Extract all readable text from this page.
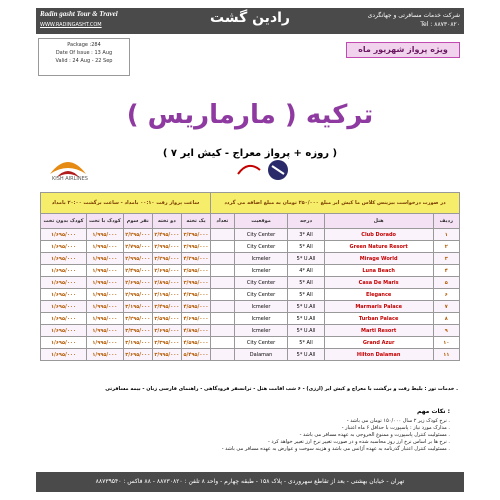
Radin gasht Tour & Travel
WWW.RADINGASHT.COM	رادین گشت	شرکت خدمات مسافرتی و جهانگردی
Tel : ۸۸۷۳۰۸۲۰
Package :284
Date Of Issue : 13 Aug
Valid : 24 Aug - 22 Sep
ویژه پرواز شهریور ماه
ترکیه ( مارماریس )
( ۷ روزه + پرواز معراج - کیش ایر )
KISH AIRLINES
ساعت پرواز رفت ۰۰:۱۰ بامداد - ساعت برگشت ۲۰:۰۰ بامداد					در صورت درخواست بیزینس کلاس ما کیش ایر مبلغ ۲۵۰/۰۰۰ تومان به مبلغ اضافه می گردد				
کودک بدون تخت	کودک با تخت	نفر سوم	دو تخته	یک تخته	تعداد	موقعیت	درجه	هتل	ردیف
۱/۶۹۵/۰۰۰	۱/۹۹۵/۰۰۰	۲/۲۹۵/۰۰۰	۲/۴۹۵/۰۰۰	۳/۳۹۵/۰۰۰		City Center	3* All	Club Dorado	۱
۱/۶۹۵/۰۰۰	۱/۹۹۵/۰۰۰	۲/۷۹۵/۰۰۰	۲/۹۹۵/۰۰۰	۳/۹۹۵/۰۰۰		City Center	5* All	Green Nature Resort	۲
۱/۶۹۵/۰۰۰	۱/۹۹۵/۰۰۰	۲/۹۹۵/۰۰۰	۳/۲۹۵/۰۰۰	۴/۲۹۵/۰۰۰		Icmeler	5* U.All	Mirage World	۳
۱/۶۹۵/۰۰۰	۱/۹۹۵/۰۰۰	۲/۴۹۵/۰۰۰	۲/۶۹۵/۰۰۰	۳/۵۹۵/۰۰۰		Icmeler	4* All	Luna Beach	۴
۱/۶۹۵/۰۰۰	۱/۹۹۵/۰۰۰	۲/۶۹۵/۰۰۰	۲/۸۹۵/۰۰۰	۳/۹۹۵/۰۰۰		City Center	5* All	Casa De Maris	۵
۱/۶۹۵/۰۰۰	۱/۹۹۵/۰۰۰	۲/۹۹۵/۰۰۰	۳/۱۹۵/۰۰۰	۴/۳۹۵/۰۰۰		City Center	5* All	Elegance	۶
۱/۶۹۵/۰۰۰	۱/۹۹۵/۰۰۰	۳/۱۹۵/۰۰۰	۳/۴۹۵/۰۰۰	۴/۵۹۵/۰۰۰		Icmeler	5* U.All	Marmaris Palace	۷
۱/۶۹۵/۰۰۰	۱/۹۹۵/۰۰۰	۳/۲۹۵/۰۰۰	۳/۵۹۵/۰۰۰	۴/۶۹۵/۰۰۰		Icmeler	5* U.All	Turban Palace	۸
۱/۶۹۵/۰۰۰	۱/۹۹۵/۰۰۰	۳/۳۹۵/۰۰۰	۳/۶۹۵/۰۰۰	۴/۸۹۵/۰۰۰		Icmeler	5* U.All	Marti Resort	۹
۱/۶۹۵/۰۰۰	۱/۹۹۵/۰۰۰	۳/۱۹۵/۰۰۰	۳/۳۹۵/۰۰۰	۴/۵۹۵/۰۰۰		City Center	5* All	Grand Azur	۱۰
۱/۶۹۵/۰۰۰	۱/۹۹۵/۰۰۰	۳/۶۹۵/۰۰۰	۳/۹۹۵/۰۰۰	۵/۴۹۵/۰۰۰		Dalaman	5* U.All	Hilton Dalaman	۱۱
خدمات تور : بلیط رفت و برگشت با معراج و کیش ایر (ارزی) - ۶ شب اقامت هتل - ترانسفر فرودگاهی - راهنمای فارسی زبان - بیمه مسافرتی .
نکات مهم :
- نرخ کودک زیر ۲ سال ۱۵۰/۰۰۰ تومان می باشد .
- مدارک مورد نیاز : پاسپورت با حداقل ۶ ماه اعتبار .
- مسئولیت کنترل پاسپورت و ممنوع الخروجی به عهده مسافر می باشد .
- نرخ ها بر اساس نرخ ارز روز محاسبه شده و در صورت تغییر نرخ ارز تغییر خواهد کرد .
- مسئولیت کنترل اعتبار گذرنامه به عهده آژانس می باشد و هزینه سوخت و عوارض به عهده مسافر می باشد .
تهران - خیابان بهشتی - بعد از تقاطع سهروردی - پلاک ۱۵۸ - طبقه چهارم - واحد ۸ تلفن : ۸۸۷۳۰۸۲۰ - ۸۸ فاکس : ۸۸۷۳۹۵۴۰
